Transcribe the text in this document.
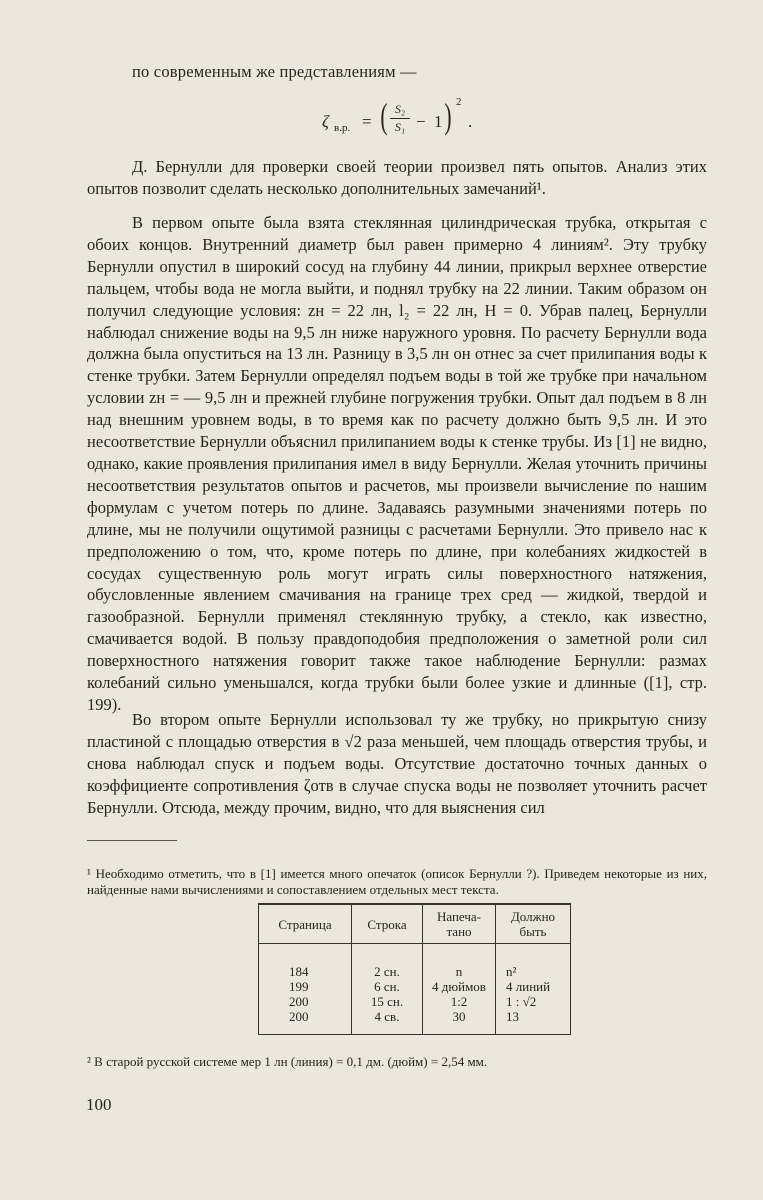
по современным же представлениям —
ζ в.р. = ( $\frac{\text{S₂}}{\text{S₁}} - 1$ ) 2
.
Д. Бернулли для проверки своей теории произвел пять опытов. Анализ этих опытов позволит сделать несколько дополнительных замечаний¹.
В первом опыте была взята стеклянная цилиндрическая трубка, открытая с обоих концов. Внутренний диаметр был равен примерно 4 линиям². Эту трубку Бернулли опустил в широкий сосуд на глубину 44 линии, прикрыл верхнее отверстие пальцем, чтобы вода не могла выйти, и поднял трубку на 22 линии. Таким образом он получил следующие условия: zн = 22 лн, l₂ = 22 лн, H = 0. Убрав палец, Бернулли наблюдал снижение воды на 9,5 лн ниже наружного уровня. По расчету Бернулли вода должна была опуститься на 13 лн. Разницу в 3,5 лн он отнес за счет прилипания воды к стенке трубки. Затем Бернулли определял подъем воды в той же трубке при начальном условии zн = — 9,5 лн и прежней глубине погружения трубки. Опыт дал подъем в 8 лн над внешним уровнем воды, в то время как по расчету должно быть 9,5 лн. И это несоответствие Бернулли объяснил прилипанием воды к стенке трубы. Из [1] не видно, однако, какие проявления прилипания имел в виду Бернулли. Желая уточнить причины несоответствия результатов опытов и расчетов, мы произвели вычисление по нашим формулам с учетом потерь по длине. Задаваясь разумными значениями потерь по длине, мы не получили ощутимой разницы с расчетами Бернулли. Это привело нас к предположению о том, что, кроме потерь по длине, при колебаниях жидкостей в сосудах существенную роль могут играть силы поверхностного натяжения, обусловленные явлением смачивания на границе трех сред — жидкой, твердой и газообразной. Бернулли применял стеклянную трубку, а стекло, как известно, смачивается водой. В пользу правдоподобия предположения о заметной роли сил поверхностного натяжения говорит также такое наблюдение Бернулли: размах колебаний сильно уменьшался, когда трубки были более узкие и длинные ([1], стр. 199).
Во втором опыте Бернулли использовал ту же трубку, но прикрытую снизу пластиной с площадью отверстия в √2 раза меньшей, чем площадь отверстия трубы, и снова наблюдал спуск и подъем воды. Отсутствие достаточно точных данных о коэффициенте сопротивления ζотв в случае спуска воды не позволяет уточнить расчет Бернулли. Отсюда, между прочим, видно, что для выяснения сил
¹ Необходимо отметить, что в [1] имеется много опечаток (описок Бернулли ?). Приведем некоторые из них, найденные нами вычислениями и сопоставлением отдельных мест текста.
Страница	Строка	Напеча-тано	Должно быть

184	2 сн.	n	n²
199	6 сн.	4 дюймов	4 линий
200	15 сн.	1:2	1 : √2
200	4 св.	30	13
² В старой русской системе мер 1 лн (линия) = 0,1 дм. (дюйм) = 2,54 мм.
100
